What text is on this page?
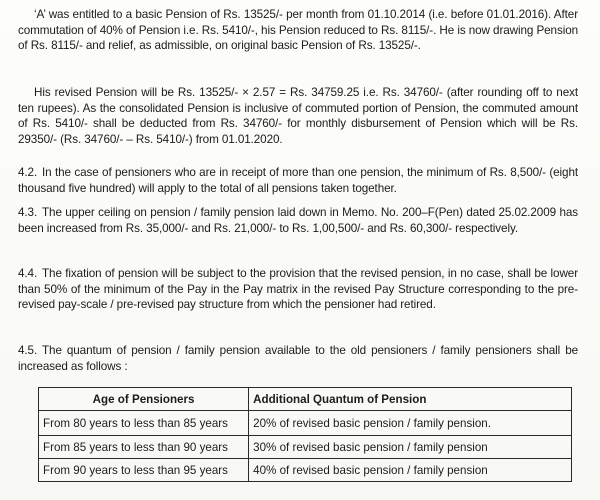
‘A’ was entitled to a basic Pension of Rs. 13525/- per month from 01.10.2014 (i.e. before 01.01.2016). After commutation of 40% of Pension i.e. Rs. 5410/-, his Pension reduced to Rs. 8115/-. He is now drawing Pension of Rs. 8115/- and relief, as admissible, on original basic Pension of Rs. 13525/-.

His revised Pension will be Rs. 13525/- × 2.57 = Rs. 34759.25 i.e. Rs. 34760/- (after rounding off to next ten rupees). As the consolidated Pension is inclusive of commuted portion of Pension, the commuted amount of Rs. 5410/- shall be deducted from Rs. 34760/- for monthly disbursement of Pension which will be Rs. 29350/- (Rs. 34760/- – Rs. 5410/-) from 01.01.2020.

4.2. In the case of pensioners who are in receipt of more than one pension, the minimum of Rs. 8,500/- (eight thousand five hundred) will apply to the total of all pensions taken together.

4.3. The upper ceiling on pension / family pension laid down in Memo. No. 200–F(Pen) dated 25.02.2009 has been increased from Rs. 35,000/- and Rs. 21,000/- to Rs. 1,00,500/- and Rs. 60,300/- respectively.

4.4. The fixation of pension will be subject to the provision that the revised pension, in no case, shall be lower than 50% of the minimum of the Pay in the Pay matrix in the revised Pay Structure corresponding to the pre-revised pay-scale / pre-revised pay structure from which the pensioner had retired.

4.5. The quantum of pension / family pension available to the old pensioners / family pensioners shall be increased as follows :

Age of Pensioners	Additional Quantum of Pension
From 80 years to less than 85 years	20% of revised basic pension / family pension.
From 85 years to less than 90 years	30% of revised basic pension / family pension
From 90 years to less than 95 years	40% of revised basic pension / family pension
